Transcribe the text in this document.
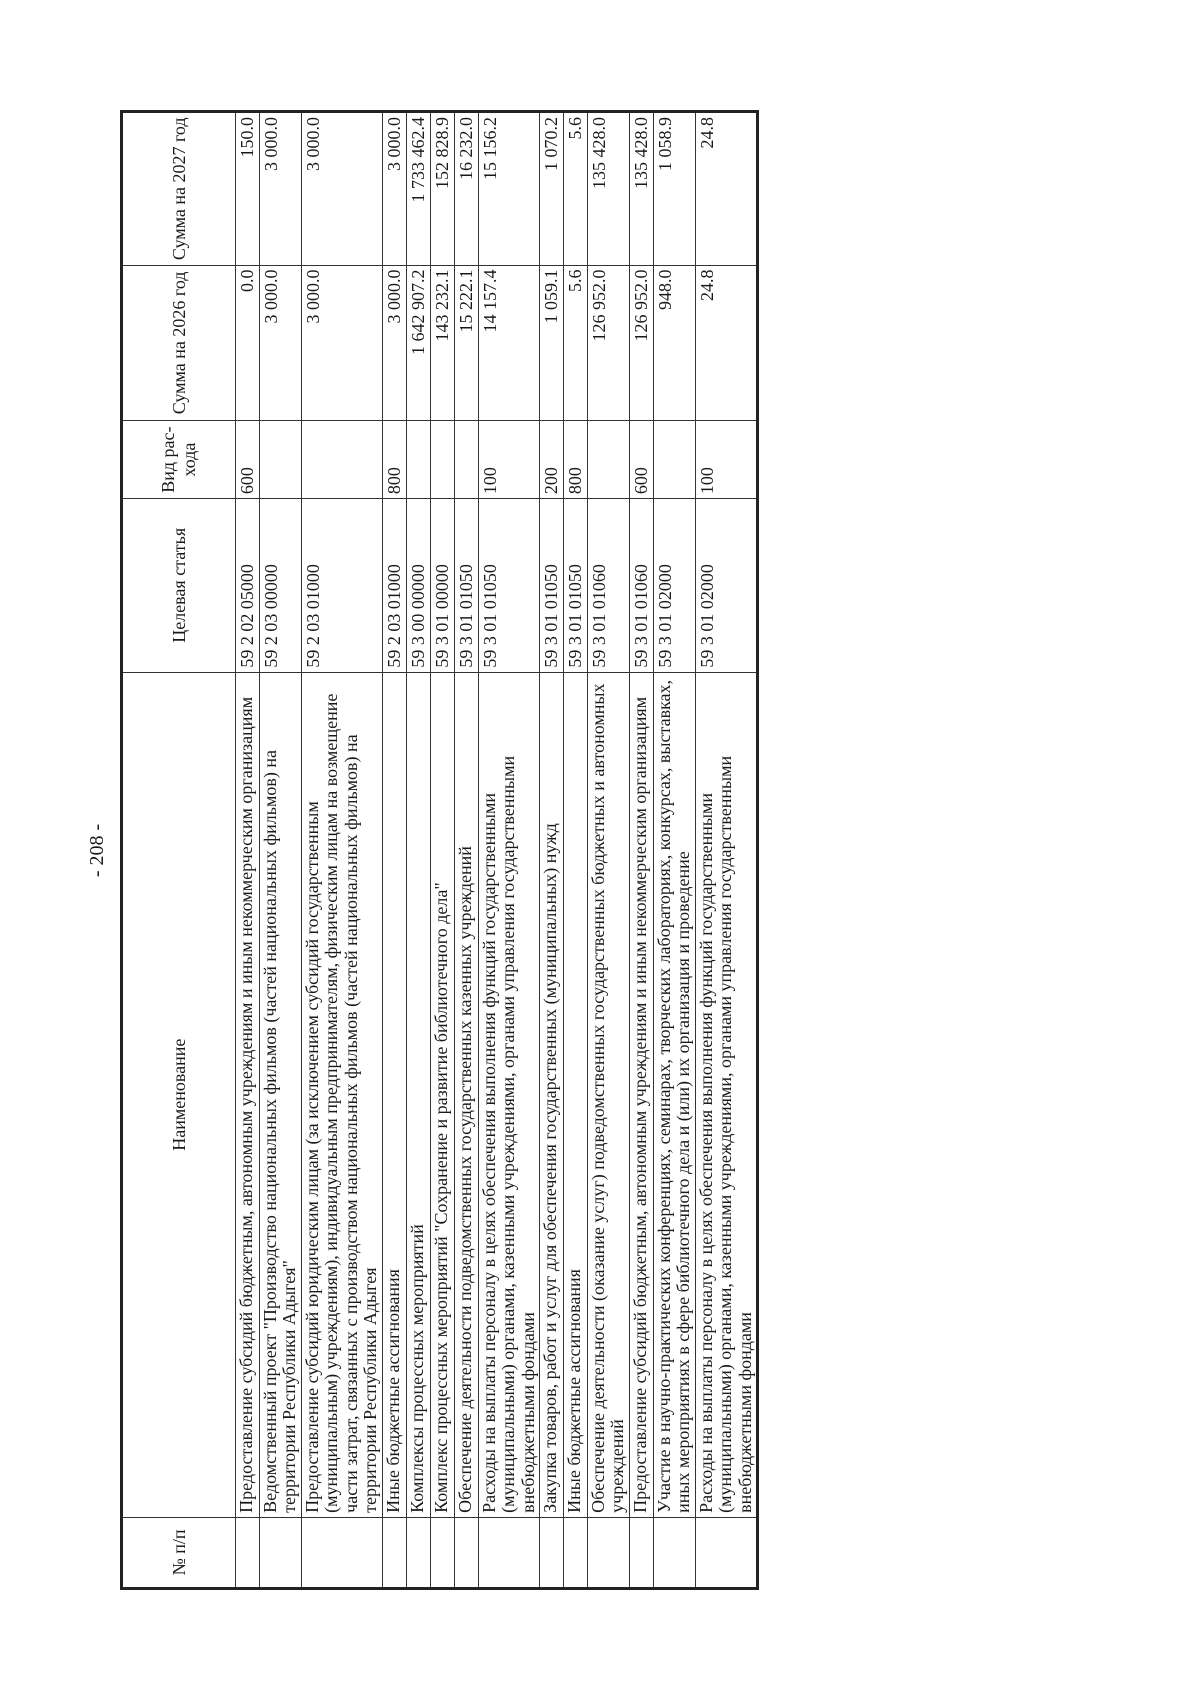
- 208 -
№ п/п	Наименование	Целевая статья	Вид рас- хода	Сумма на 2026 год	Сумма на 2027 год
	Предоставление субсидий бюджетным, автономным учреждениям и иным некоммерческим организациям	59 2 02 05000	600	0.0	150.0
	Ведомственный проект "Производство национальных фильмов (частей национальных фильмов) на территории Республики Адыгея"	59 2 03 00000		3 000.0	3 000.0
	Предоставление субсидий юридическим лицам (за исключением субсидий государственным (муниципальным) учреждениям), индивидуальным предпринимателям, физическим лицам на возмещение части затрат, связанных с производством национальных фильмов (частей национальных фильмов) на территории Республики Адыгея	59 2 03 01000		3 000.0	3 000.0
	Иные бюджетные ассигнования	59 2 03 01000	800	3 000.0	3 000.0
	Комплексы процессных мероприятий	59 3 00 00000		1 642 907.2	1 733 462.4
	Комплекс процессных мероприятий "Сохранение и развитие библиотечного дела"	59 3 01 00000		143 232.1	152 828.9
	Обеспечение деятельности подведомственных государственных казенных учреждений	59 3 01 01050		15 222.1	16 232.0
	Расходы на выплаты персоналу в целях обеспечения выполнения функций государственными (муниципальными) органами, казенными учреждениями, органами управления государственными внебюджетными фондами	59 3 01 01050	100	14 157.4	15 156.2
	Закупка товаров, работ и услуг для обеспечения государственных (муниципальных) нужд	59 3 01 01050	200	1 059.1	1 070.2
	Иные бюджетные ассигнования	59 3 01 01050	800	5.6	5.6
	Обеспечение деятельности (оказание услуг) подведомственных государственных бюджетных и автономных учреждений	59 3 01 01060		126 952.0	135 428.0
	Предоставление субсидий бюджетным, автономным учреждениям и иным некоммерческим организациям	59 3 01 01060	600	126 952.0	135 428.0
	Участие в научно-практических конференциях, семинарах, творческих лабораториях, конкурсах, выставках, иных мероприятиях в сфере библиотечного дела и (или) их организация и проведение	59 3 01 02000		948.0	1 058.9
	Расходы на выплаты персоналу в целях обеспечения выполнения функций государственными (муниципальными) органами, казенными учреждениями, органами управления государственными внебюджетными фондами	59 3 01 02000	100	24.8	24.8
